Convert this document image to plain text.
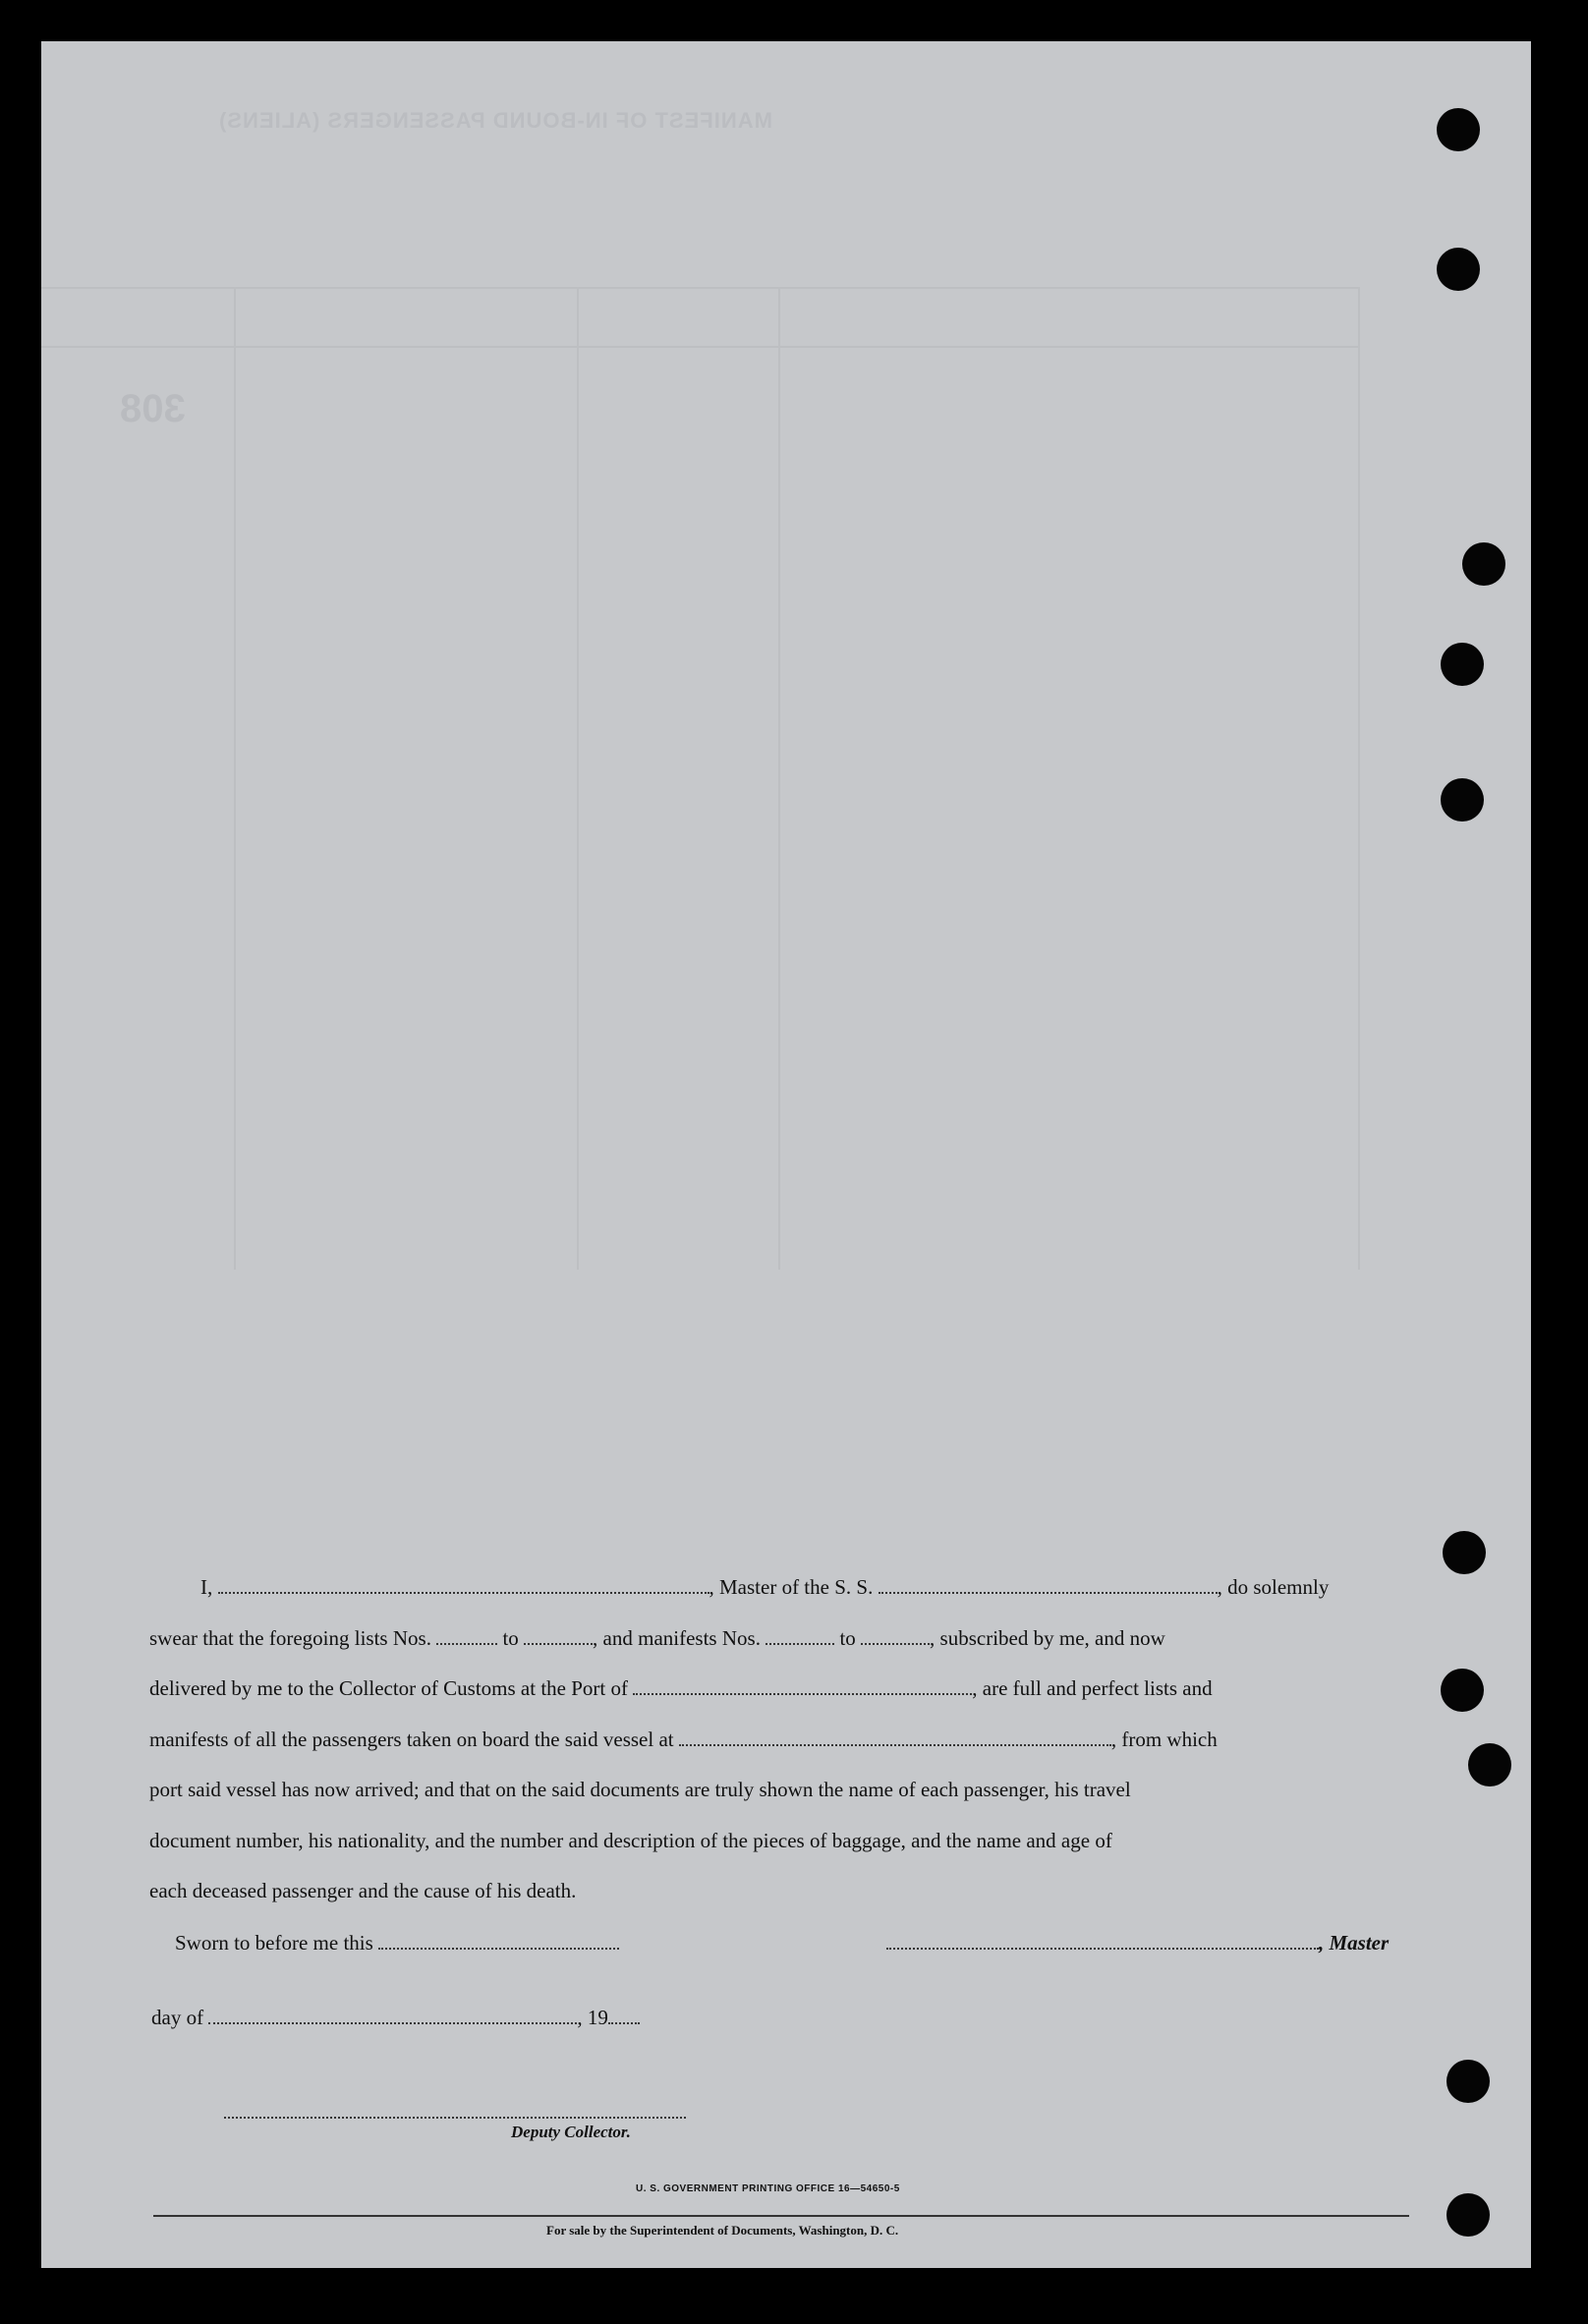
MANIFEST OF IN-BOUND PASSENGERS (ALIENS)
308

I,	, Master of the S. S.	, do solemnly

swear that the foregoing lists Nos.	to	, and manifests Nos.	to	, subscribed by me, and now

delivered by me to the Collector of Customs at the Port of	, are full and perfect lists and

manifests of all the passengers taken on board the said vessel at	, from which

port said vessel has now arrived; and that on the said documents are truly shown the name of each passenger, his travel

document number, his nationality, and the number and description of the pieces of baggage, and the name and age of

each deceased passenger and the cause of his death.

Sworn to before me this	, Master
day of	, 19
Deputy Collector.
U. S. GOVERNMENT PRINTING OFFICE 16—54650-5
For sale by the Superintendent of Documents, Washington, D. C.
